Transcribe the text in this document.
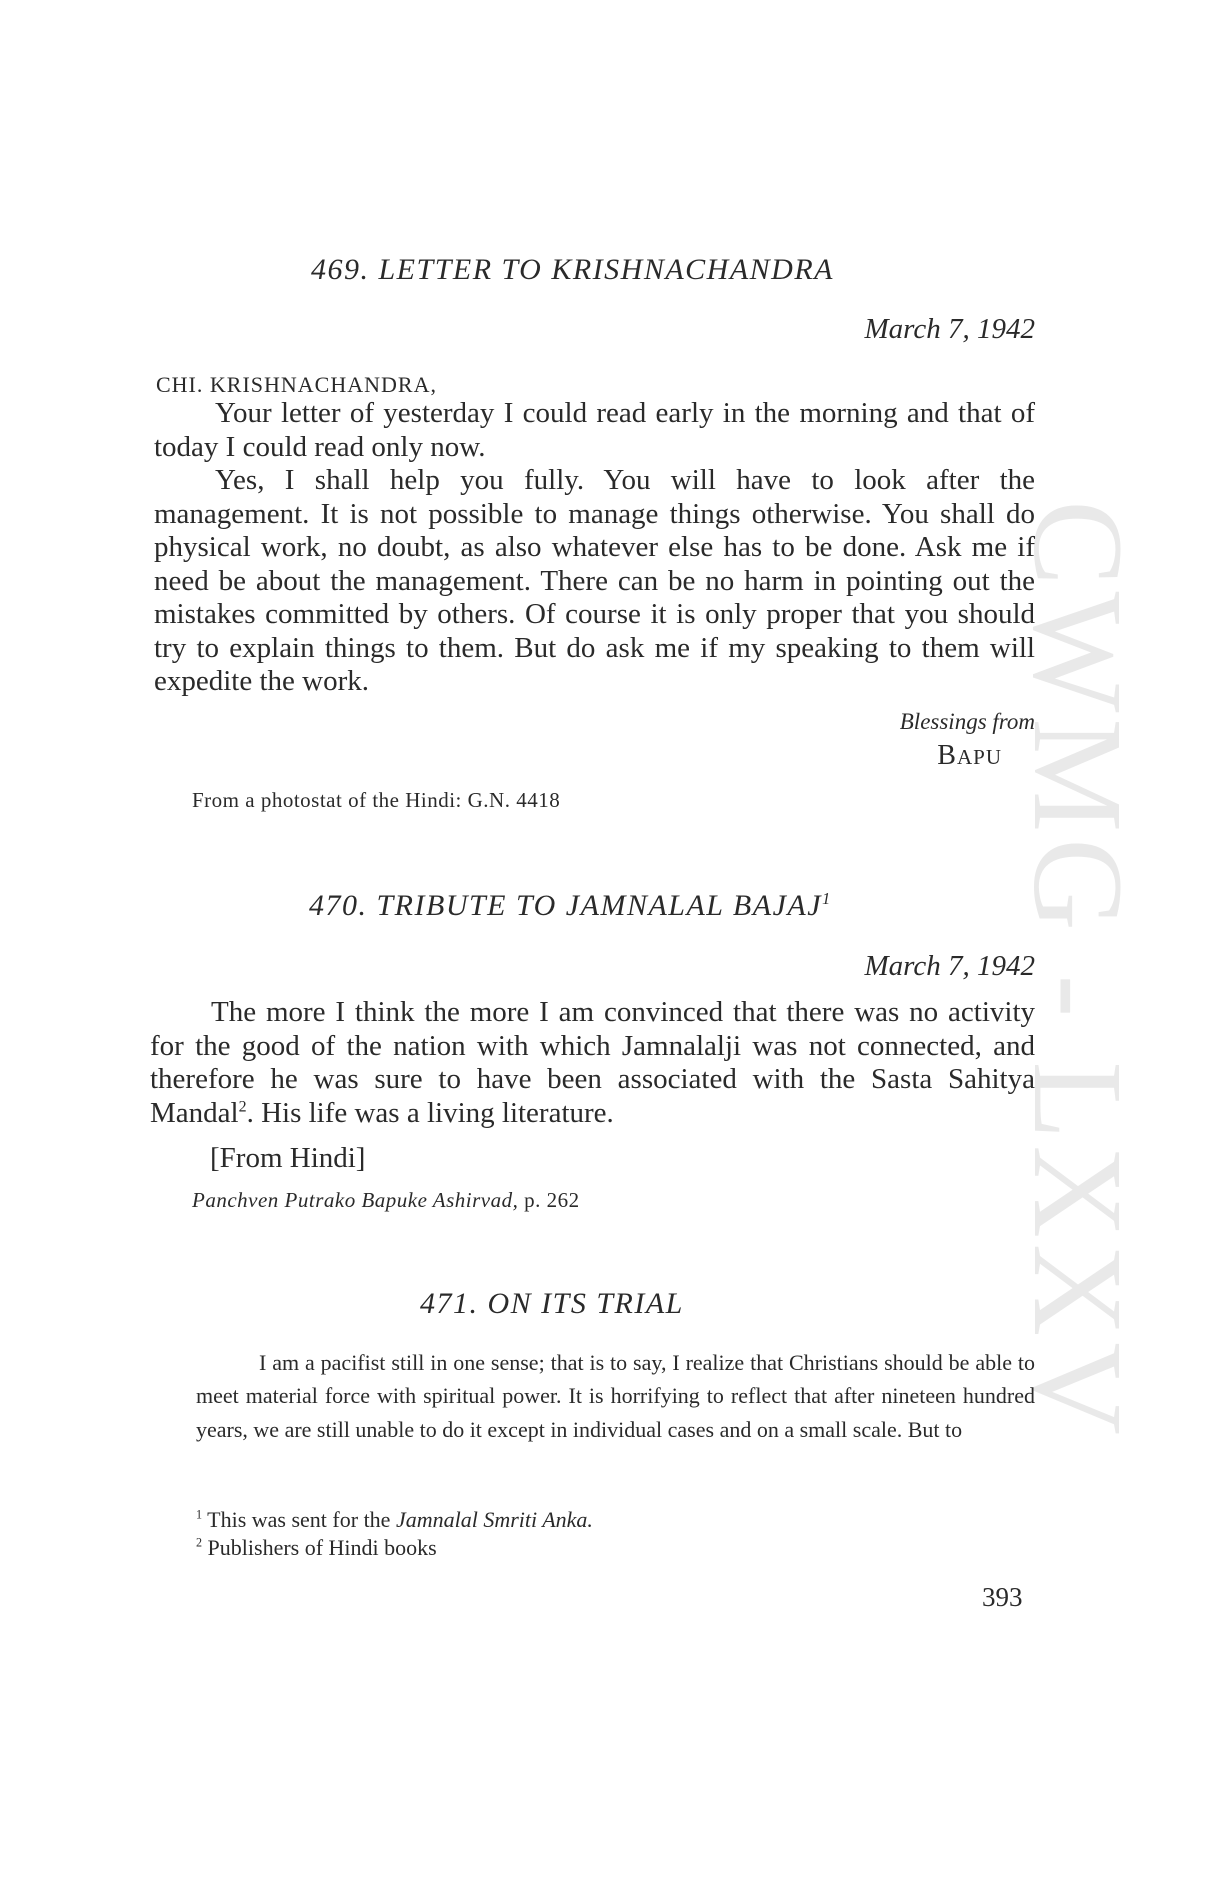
CWMG - LXXV
469. LETTER TO KRISHNACHANDRA
March 7, 1942
CHI. KRISHNACHANDRA,

Your letter of yesterday I could read early in the morning and that of today I could read only now.

Yes, I shall help you fully. You will have to look after the management. It is not possible to manage things otherwise. You shall do physical work, no doubt, as also whatever else has to be done. Ask me if need be about the management. There can be no harm in pointing out the mistakes committed by others. Of course it is only proper that you should try to explain things to them. But do ask me if my speaking to them will expedite the work.

Blessings from
BAPU
From a photostat of the Hindi: G.N. 4418
470. TRIBUTE TO JAMNALAL BAJAJ$^1$
March 7, 1942

The more I think the more I am convinced that there was no activity for the good of the nation with which Jamnalalji was not connected, and therefore he was sure to have been associated with the Sasta Sahitya Mandal$^2$. His life was a living literature.

[From Hindi]
Panchven Putrako Bapuke Ashirvad, p. 262
471. ON ITS TRIAL

I am a pacifist still in one sense; that is to say, I realize that Christians should be able to meet material force with spiritual power. It is horrifying to reflect that after nineteen hundred years, we are still unable to do it except in individual cases and on a small scale. But to

$^1$ This was sent for the Jamnalal Smriti Anka.
$^2$ Publishers of Hindi books
393
